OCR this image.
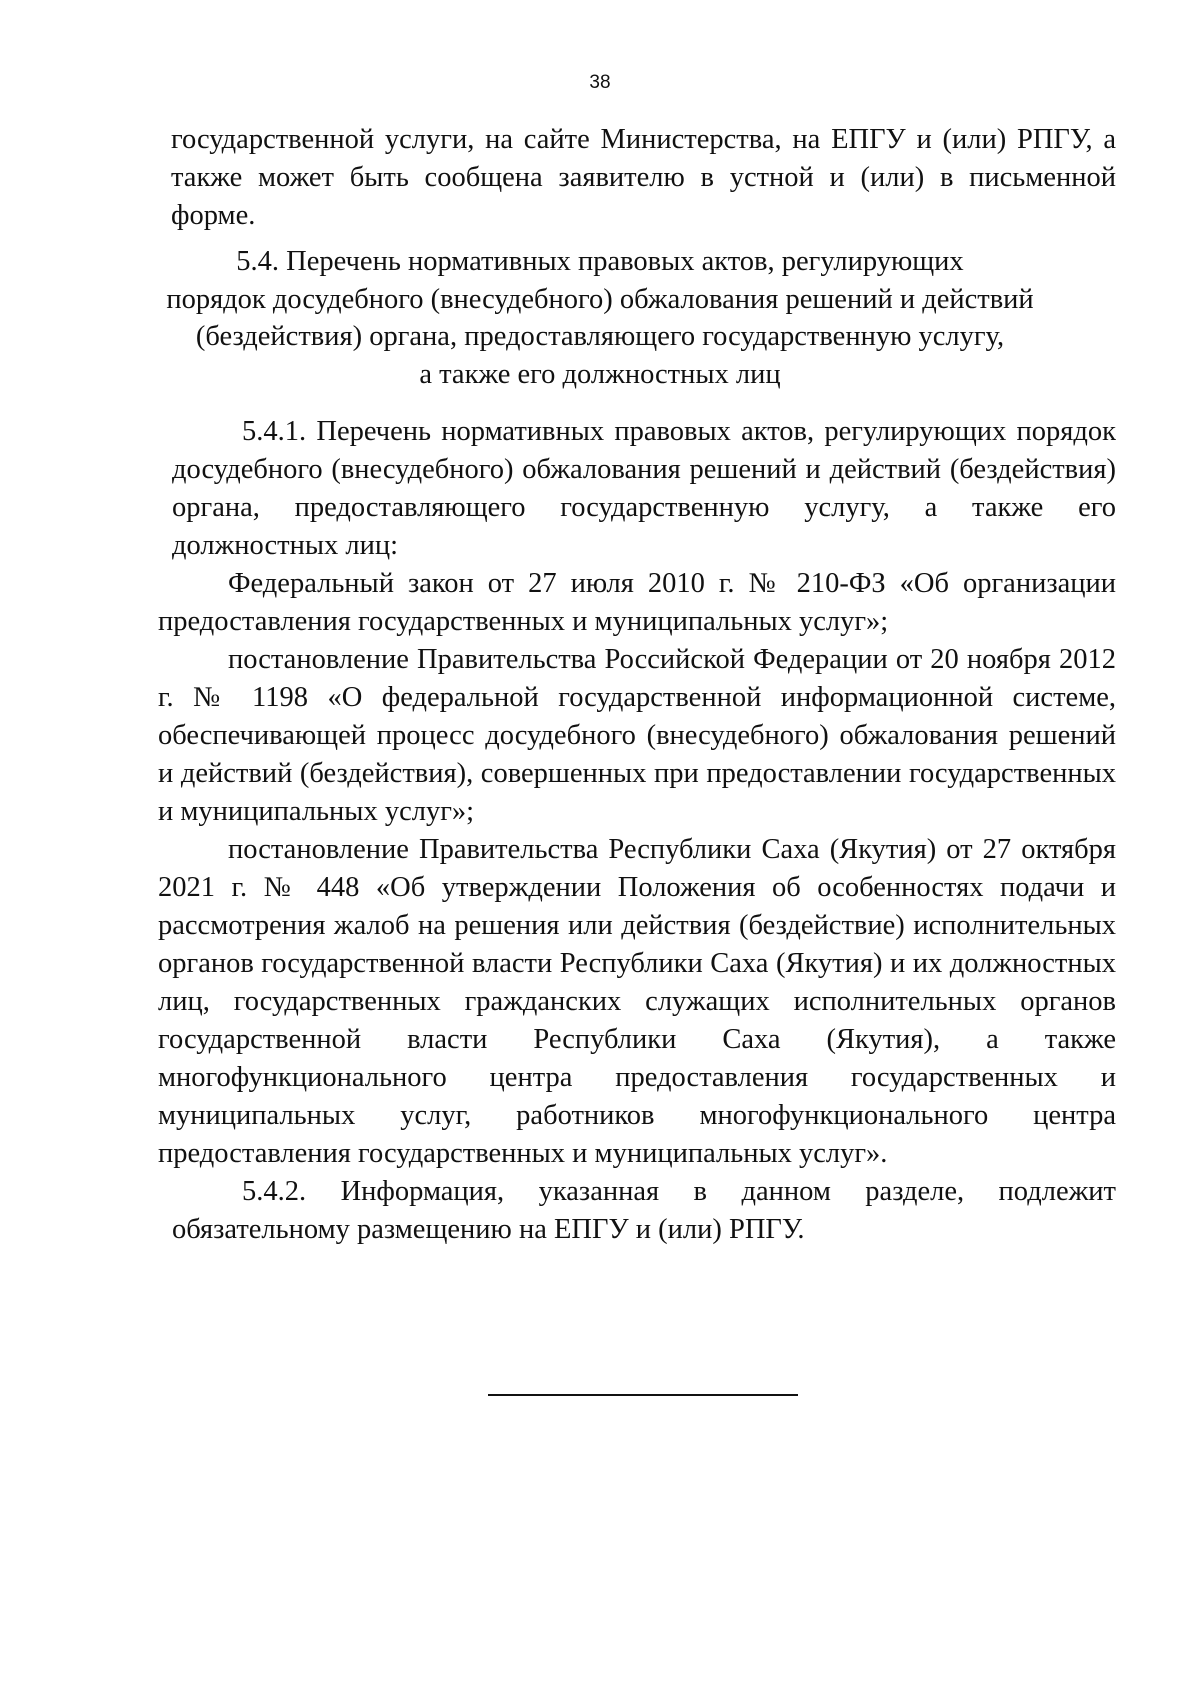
38
государственной услуги, на сайте Министерства, на ЕПГУ и (или) РПГУ, а также может быть сообщена заявителю в устной и (или) в письменной форме.
5.4. Перечень нормативных правовых актов, регулирующих
порядок досудебного (внесудебного) обжалования решений и действий
(бездействия) органа, предоставляющего государственную услугу,
а также его должностных лиц

5.4.1. Перечень нормативных правовых актов, регулирующих порядок досудебного (внесудебного) обжалования решений и действий (бездействия) органа, предоставляющего государственную услугу, а также его должностных лиц:

Федеральный закон от 27 июля 2010 г. № 210-ФЗ «Об организации предоставления государственных и муниципальных услуг»;

постановление Правительства Российской Федерации от 20 ноября 2012 г. № 1198 «О федеральной государственной информационной системе, обеспечивающей процесс досудебного (внесудебного) обжалования решений и действий (бездействия), совершенных при предоставлении государственных и муниципальных услуг»;

постановление Правительства Республики Саха (Якутия) от 27 октября 2021 г. № 448 «Об утверждении Положения об особенностях подачи и рассмотрения жалоб на решения или действия (бездействие) исполнительных органов государственной власти Республики Саха (Якутия) и их должностных лиц, государственных гражданских служащих исполнительных органов государственной власти Республики Саха (Якутия), а также многофункционального центра предоставления государственных и муниципальных услуг, работников многофункционального центра предоставления государственных и муниципальных услуг».

5.4.2. Информация, указанная в данном разделе, подлежит обязательному размещению на ЕПГУ и (или) РПГУ.
